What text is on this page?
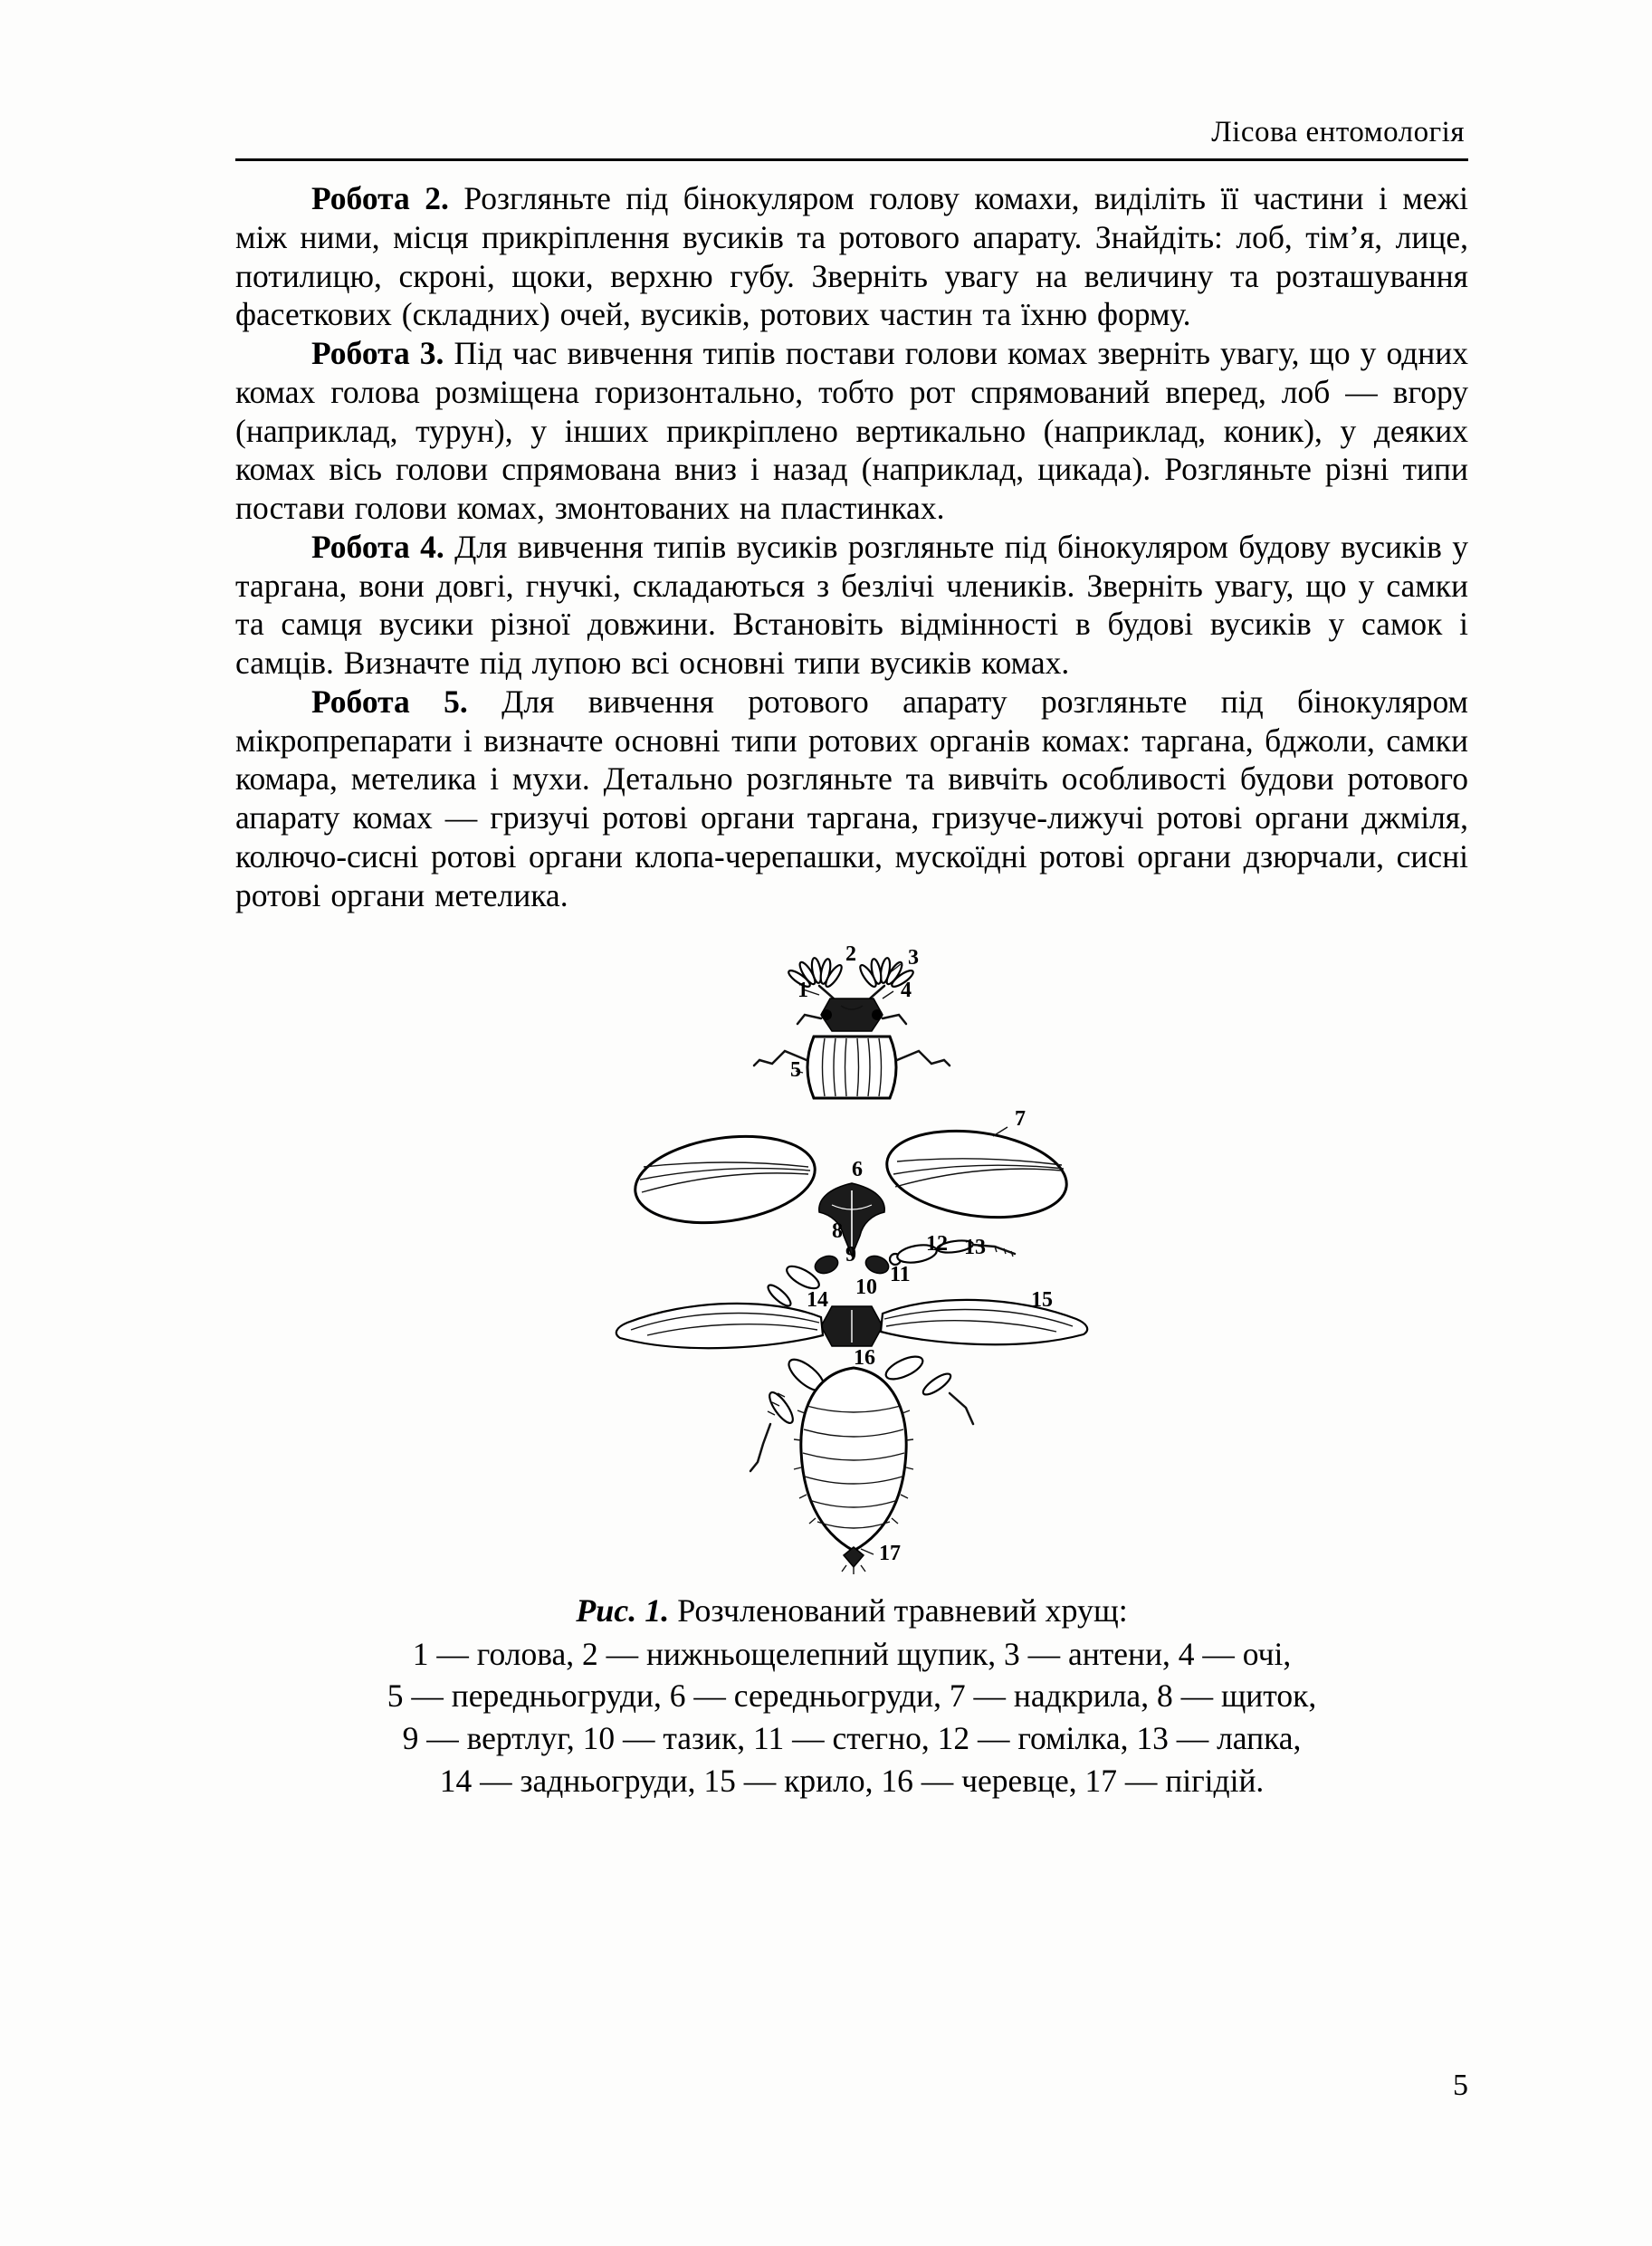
Лісова ентомологія

Робота 2. Розгляньте під бінокуляром голову комахи, виділіть її частини і межі між ними, місця прикріплення вусиків та ротового апарату. Знайдіть: лоб, тім’я, лице, потилицю, скроні, щоки, верхню губу. Зверніть увагу на величину та розташування фасеткових (складних) очей, вусиків, ротових частин та їхню форму.

Робота 3. Під час вивчення типів постави голови комах зверніть увагу, що у одних комах голова розміщена горизонтально, тобто рот спрямований вперед, лоб — вгору (наприклад, турун), у інших прикріплено вертикально (наприклад, коник), у деяких комах вісь голови спрямована вниз і назад (наприклад, цикада). Розгляньте різні типи постави голови комах, змонтованих на пластинках.

Робота 4. Для вивчення типів вусиків розгляньте під бінокуляром будову вусиків у таргана, вони довгі, гнучкі, складаються з безлічі члеників. Зверніть увагу, що у самки та самця вусики різної довжини. Встановіть відмінності в будові вусиків у самок і самців. Визначте під лупою всі основні типи вусиків комах.

Робота 5. Для вивчення ротового апарату розгляньте під бінокуляром мікропрепарати і визначте основні типи ротових органів комах: таргана, бджоли, самки комара, метелика і мухи. Детально розгляньте та вивчіть особливості будови ротового апарату комах — гризучі ротові органи таргана, гризуче-лижучі ротові органи джміля, колючо-сисні ротові органи клопа-черепашки, мускоїдні ротові органи дзюрчали, сисні ротові органи метелика.

1
2 3
4
5
6
7
8
9
10
11
12 13
14	15
16
17
Рис. 1. Розчленований травневий хрущ:
1 — голова, 2 — нижньощелепний щупик, 3 — антени, 4 — очі,
5 — передньогруди, 6 — середньогруди, 7 — надкрила, 8 — щиток,
9 — вертлуг, 10 — тазик, 11 — стегно, 12 — гомілка, 13 — лапка,
14 — задньогруди, 15 — крило, 16 — черевце, 17 — пігідій.
5
